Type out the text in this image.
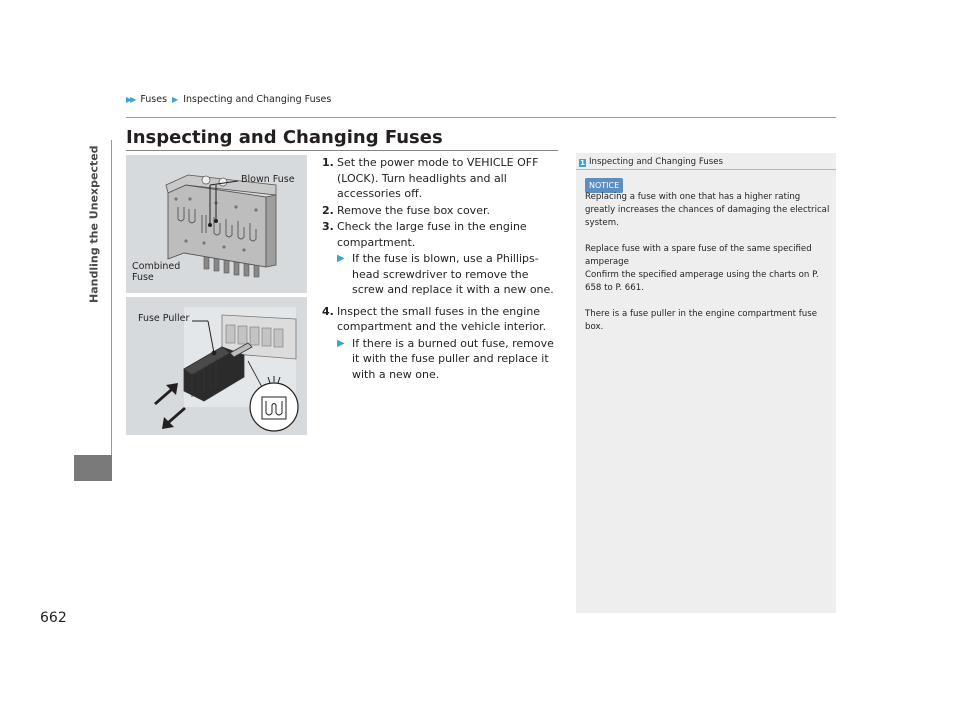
▶▶ Fuses ▶ Inspecting and Changing Fuses
Handling the Unexpected
662
Inspecting and Changing Fuses
Blown Fuse
Combined
Fuse
Fuse Puller
1. Set the power mode to VEHICLE OFF (LOCK). Turn headlights and all accessories off.
2. Remove the fuse box cover.
3. Check the large fuse in the engine compartment.
▶ If the fuse is blown, use a Phillips-head screwdriver to remove the screw and replace it with a new one.
4. Inspect the small fuses in the engine compartment and the vehicle interior.
▶ If there is a burned out fuse, remove it with the fuse puller and replace it with a new one.
1 Inspecting and Changing Fuses
NOTICE

Replacing a fuse with one that has a higher rating greatly increases the chances of damaging the electrical system.

Replace fuse with a spare fuse of the same specified amperage
Confirm the specified amperage using the charts on P. 658 to P. 661.

There is a fuse puller in the engine compartment fuse box.
